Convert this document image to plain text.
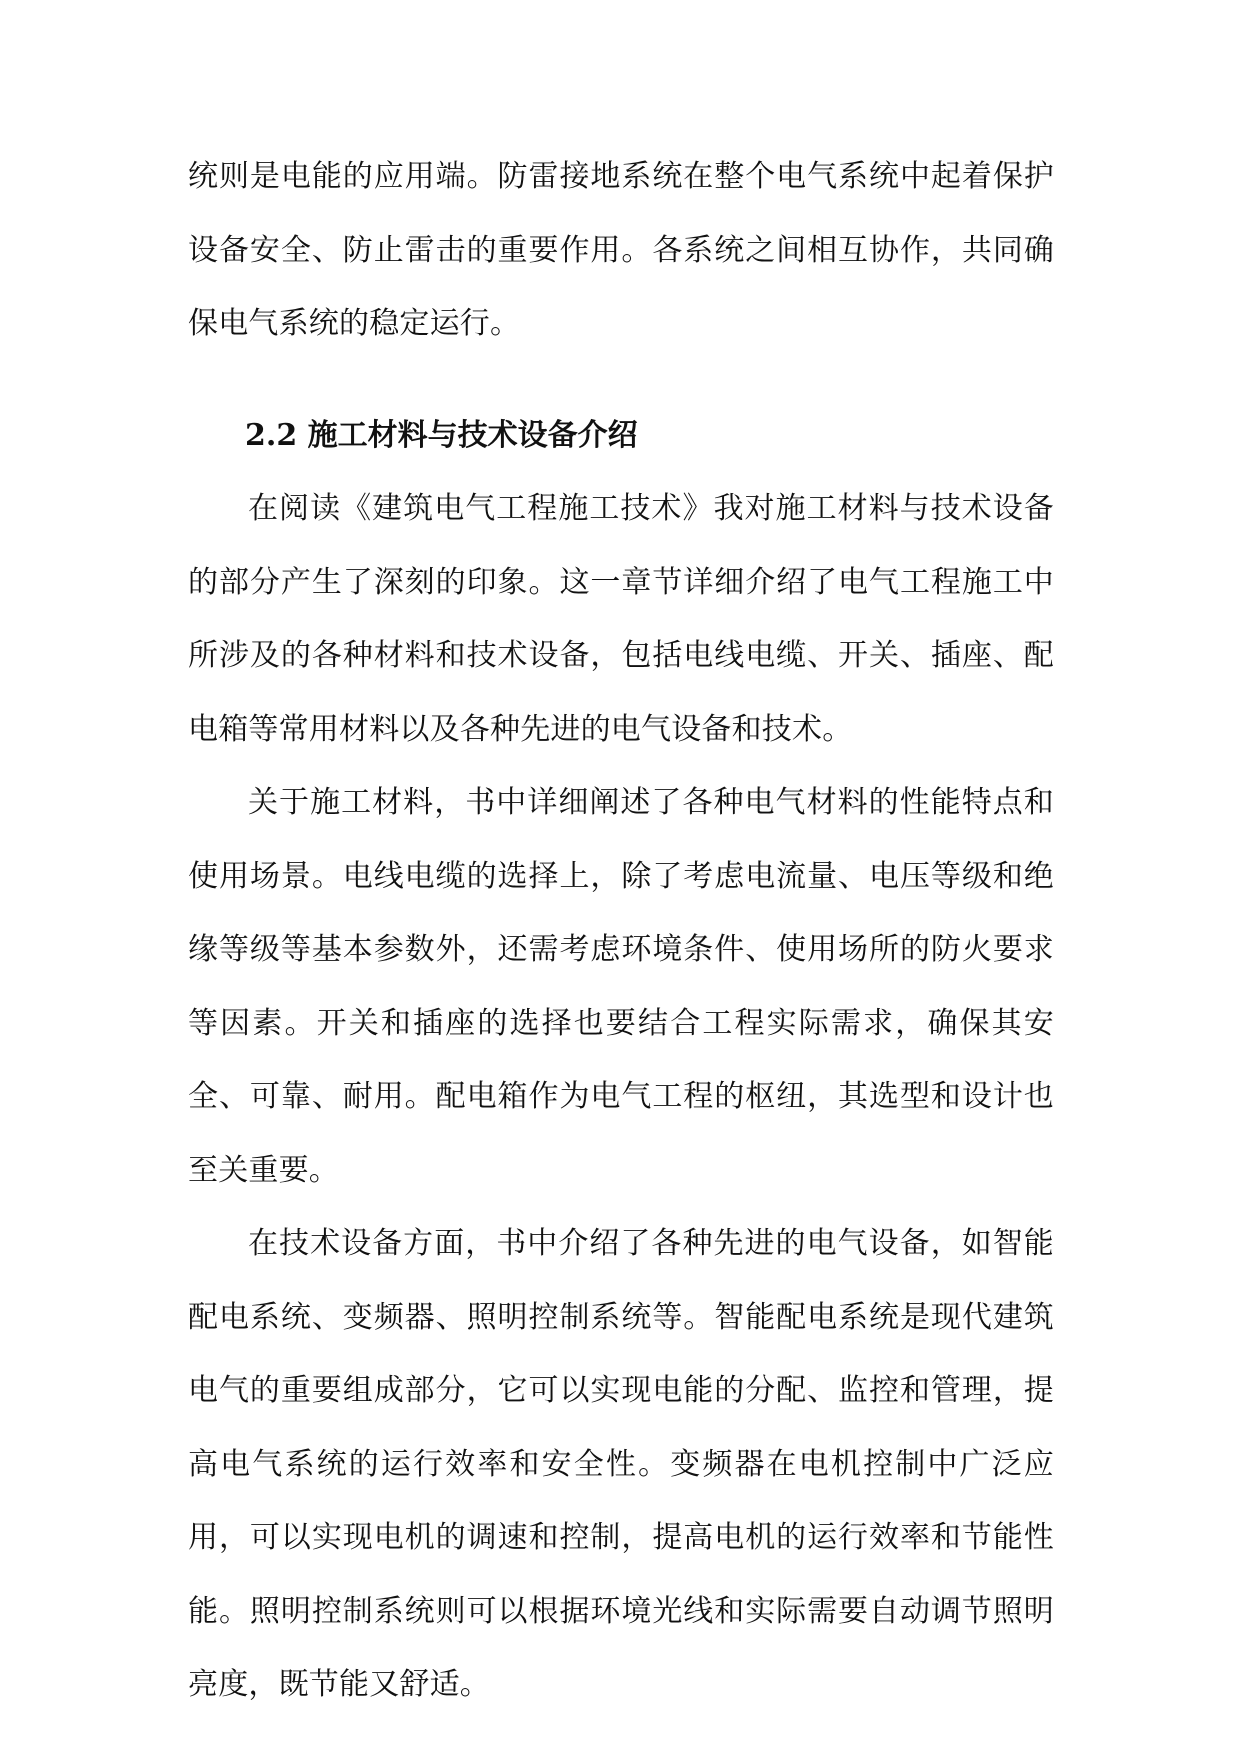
统则是电能的应用端。防雷接地系统在整个电气系统中起着保护设备安全、防止雷击的重要作用。各系统之间相互协作，共同确保电气系统的稳定运行。

2.2 施工材料与技术设备介绍

在阅读《建筑电气工程施工技术》我对施工材料与技术设备的部分产生了深刻的印象。这一章节详细介绍了电气工程施工中所涉及的各种材料和技术设备，包括电线电缆、开关、插座、配电箱等常用材料以及各种先进的电气设备和技术。

关于施工材料，书中详细阐述了各种电气材料的性能特点和使用场景。电线电缆的选择上，除了考虑电流量、电压等级和绝缘等级等基本参数外，还需考虑环境条件、使用场所的防火要求等因素。开关和插座的选择也要结合工程实际需求，确保其安全、可靠、耐用。配电箱作为电气工程的枢纽，其选型和设计也至关重要。

在技术设备方面，书中介绍了各种先进的电气设备，如智能配电系统、变频器、照明控制系统等。智能配电系统是现代建筑电气的重要组成部分，它可以实现电能的分配、监控和管理，提高电气系统的运行效率和安全性。变频器在电机控制中广泛应用，可以实现电机的调速和控制，提高电机的运行效率和节能性能。照明控制系统则可以根据环境光线和实际需要自动调节照明亮度，既节能又舒适。
